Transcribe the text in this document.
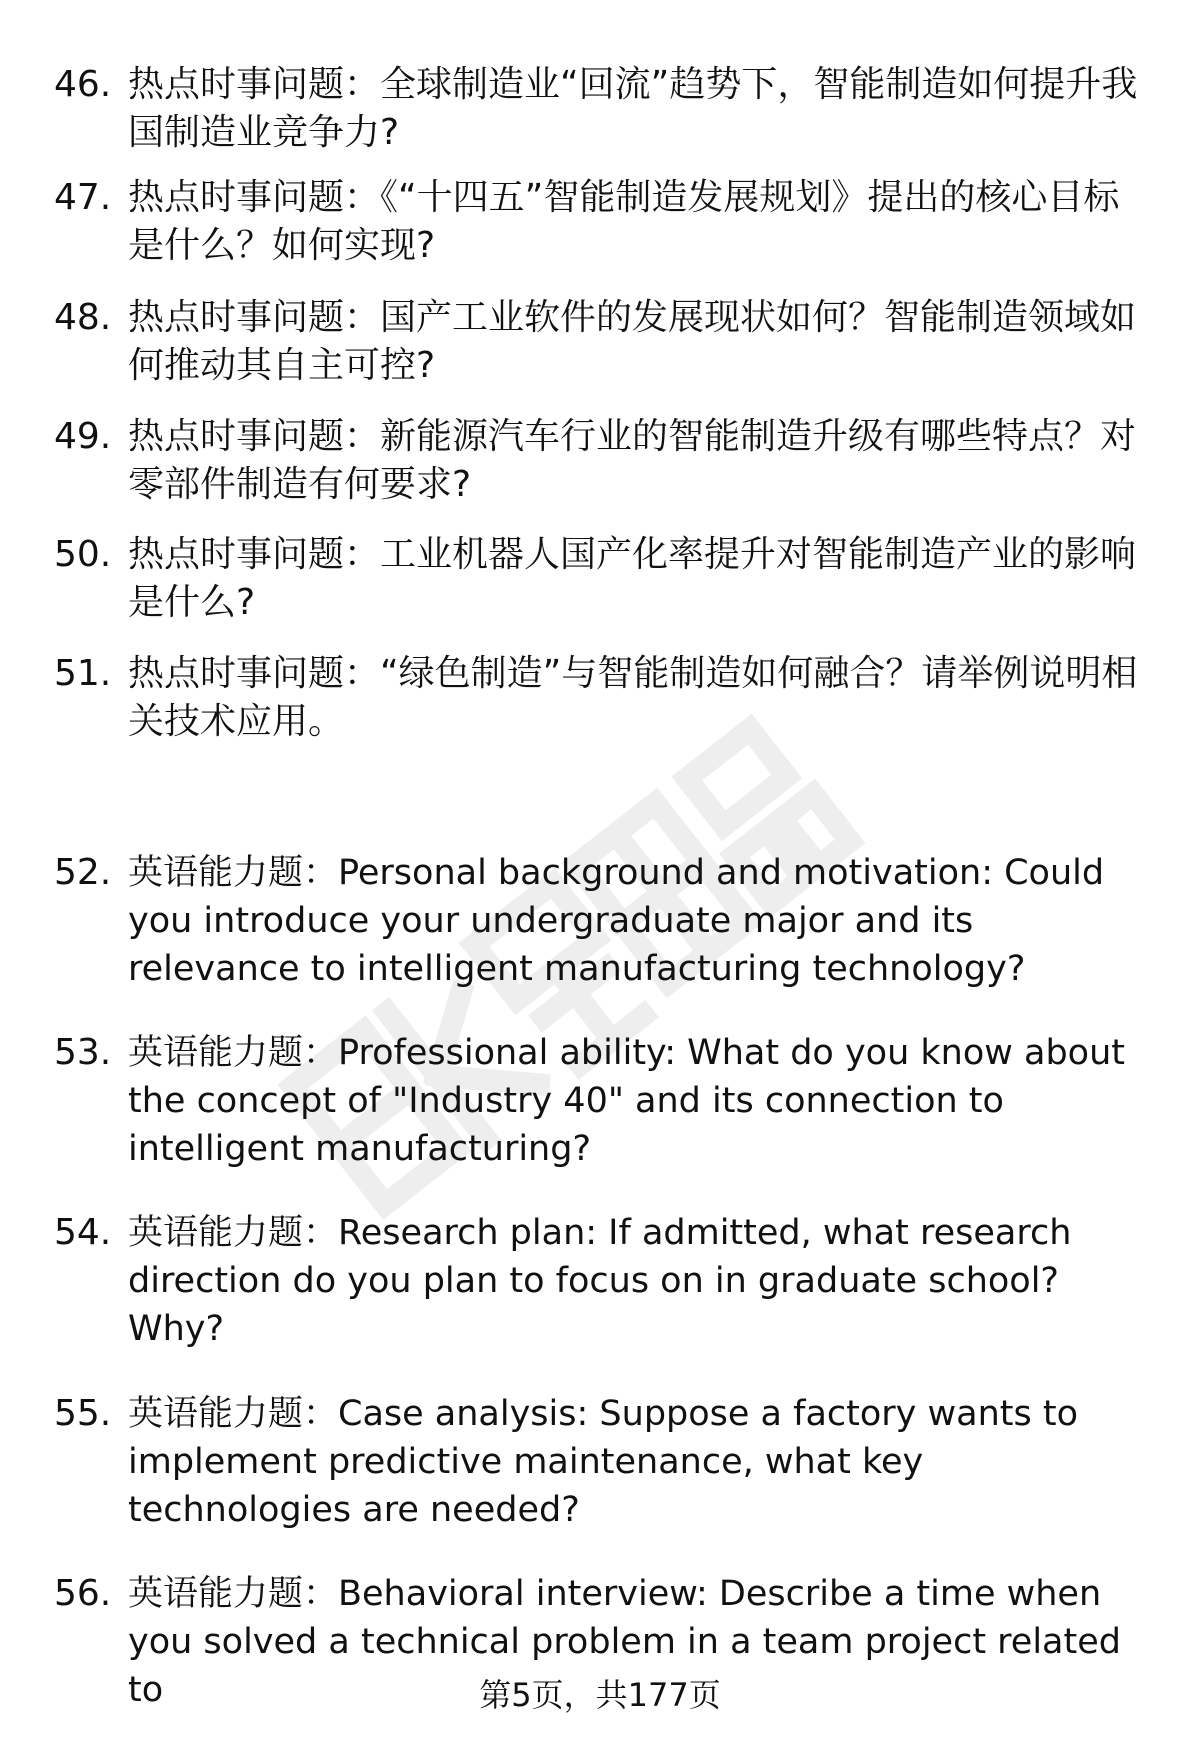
46. 热点时事问题：全球制造业“回流”趋势下，智能制造如何提升我国制造业竞争力?
47. 热点时事问题：《“十四五”智能制造发展规划》提出的核心目标是什么？如何实现?
48. 热点时事问题：国产工业软件的发展现状如何？智能制造领域如何推动其自主可控?
49. 热点时事问题：新能源汽车行业的智能制造升级有哪些特点？对零部件制造有何要求?
50. 热点时事问题：工业机器人国产化率提升对智能制造产业的影响是什么?
51. 热点时事问题：“绿色制造”与智能制造如何融合？请举例说明相关技术应用。
52. 英语能力题：Personal background and motivation: Could you introduce your undergraduate major and its relevance to intelligent manufacturing technology?
53. 英语能力题：Professional ability: What do you know about the concept of "Industry 40" and its connection to intelligent manufacturing?
54. 英语能力题：Research plan: If admitted, what research direction do you plan to focus on in graduate school? Why?
55. 英语能力题：Case analysis: Suppose a factory wants to implement predictive maintenance, what key technologies are needed?
56. 英语能力题：Behavioral interview: Describe a time when you solved a technical problem in a team project related to	第5页，共177页
